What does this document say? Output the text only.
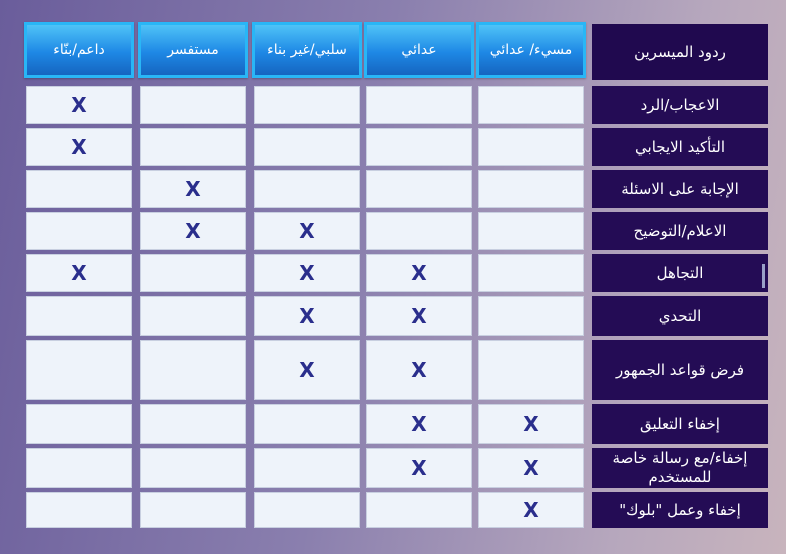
ردود الميسرين
مسيء/ عدائي
عدائي
سلبي/غير بناء
مستفسر
داعم/بنّاء
الاعجاب/الرد
التأكيد الايجابي
الإجابة على الاسئلة
الاعلام/التوضيح
التجاهل
التحدي
فرض قواعد الجمهور
إخفاء التعليق
إخفاء/مع رسالة خاصة للمستخدم
إخفاء وعمل "بلوك"
X
X
X
X
X
X
X
X
X
X
X
X
X
X
X
X
X
